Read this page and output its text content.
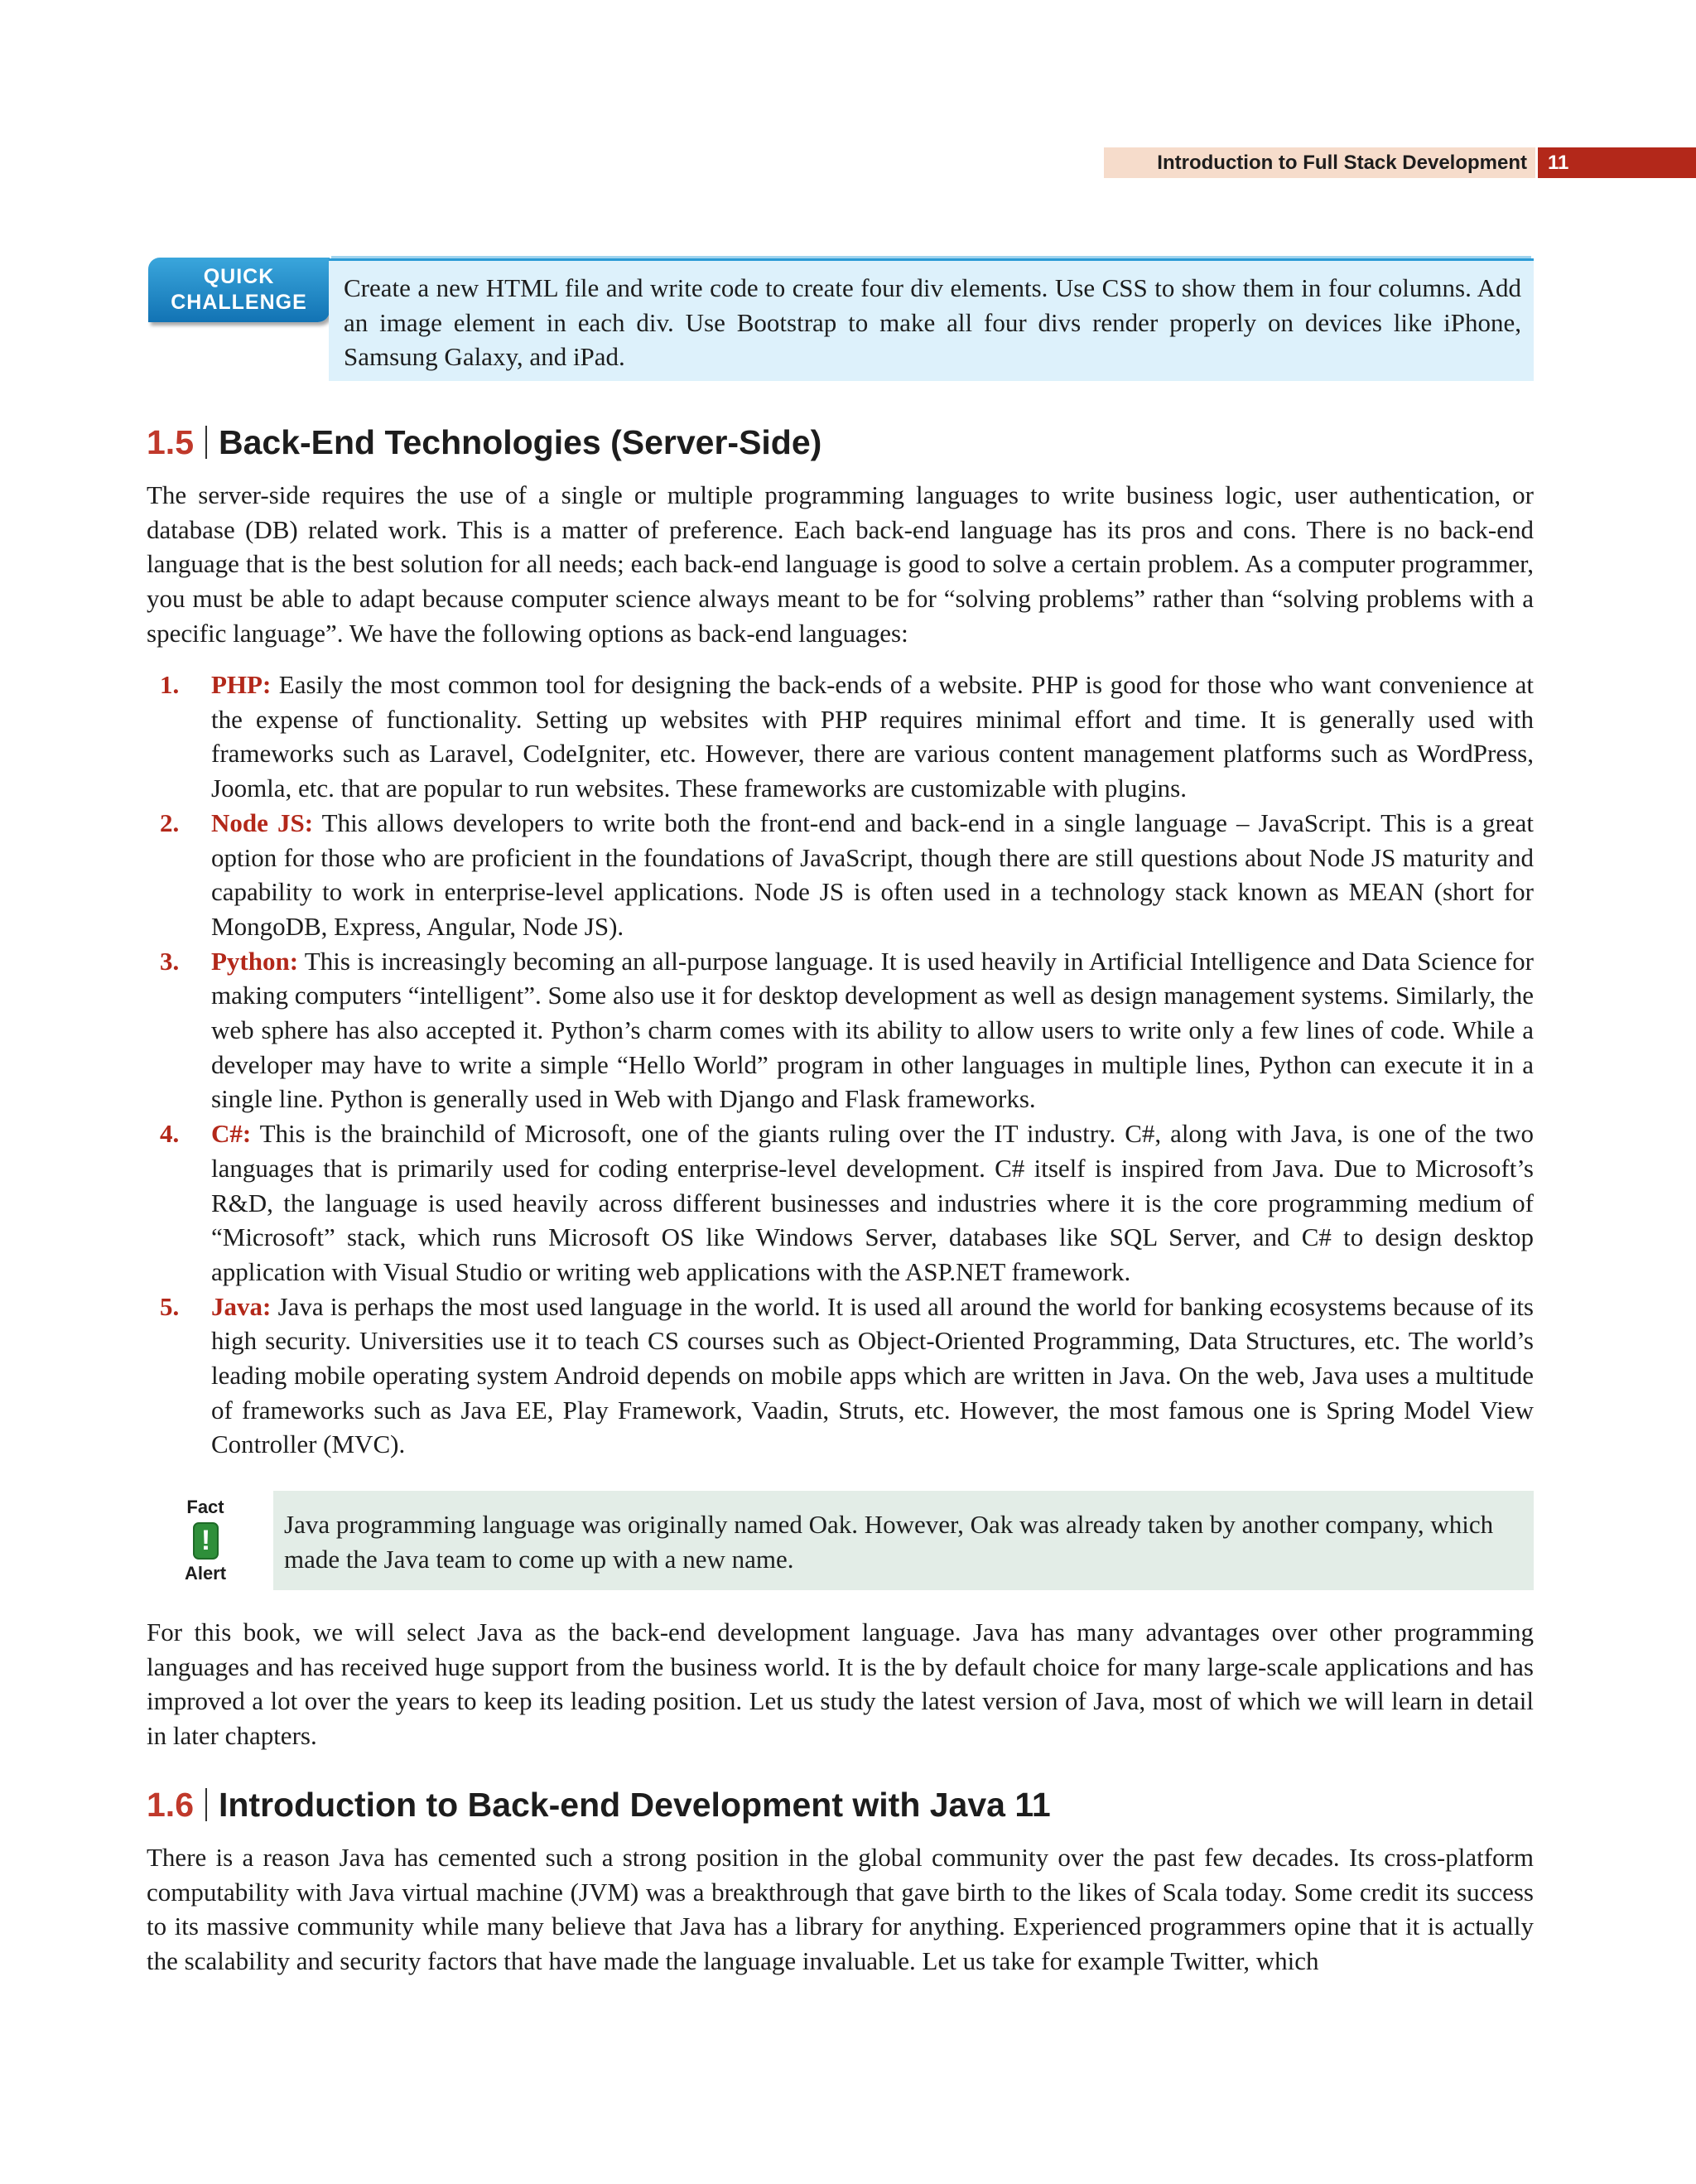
Introduction to Full Stack Development	11
QUICK
CHALLENGE Create a new HTML file and write code to create four div elements. Use CSS to show them in four columns. Add an image element in each div. Use Bootstrap to make all four divs render properly on devices like iPhone, Samsung Galaxy, and iPad.

1.5 Back-End Technologies (Server-Side)

The server-side requires the use of a single or multiple programming languages to write business logic, user authentication, or database (DB) related work. This is a matter of preference. Each back-end language has its pros and cons. There is no back-end language that is the best solution for all needs; each back-end language is good to solve a certain problem. As a computer programmer, you must be able to adapt because computer science always meant to be for “solving problems” rather than “solving problems with a specific language”. We have the following options as back-end languages:

1. PHP: Easily the most common tool for designing the back-ends of a website. PHP is good for those who want convenience at the expense of functionality. Setting up websites with PHP requires minimal effort and time. It is generally used with frameworks such as Laravel, CodeIgniter, etc. However, there are various content management platforms such as WordPress, Joomla, etc. that are popular to run websites. These frameworks are customizable with plugins.
2. Node JS: This allows developers to write both the front-end and back-end in a single language – JavaScript. This is a great option for those who are proficient in the foundations of JavaScript, though there are still questions about Node JS maturity and capability to work in enterprise-level applications. Node JS is often used in a technology stack known as MEAN (short for MongoDB, Express, Angular, Node JS).
3. Python: This is increasingly becoming an all-purpose language. It is used heavily in Artificial Intelligence and Data Science for making computers “intelligent”. Some also use it for desktop development as well as design management systems. Similarly, the web sphere has also accepted it. Python’s charm comes with its ability to allow users to write only a few lines of code. While a developer may have to write a simple “Hello World” program in other languages in multiple lines, Python can execute it in a single line. Python is generally used in Web with Django and Flask frameworks.
4. C#: This is the brainchild of Microsoft, one of the giants ruling over the IT industry. C#, along with Java, is one of the two languages that is primarily used for coding enterprise-level development. C# itself is inspired from Java. Due to Microsoft’s R&D, the language is used heavily across different businesses and industries where it is the core programming medium of “Microsoft” stack, which runs Microsoft OS like Windows Server, databases like SQL Server, and C# to design desktop application with Visual Studio or writing web applications with the ASP.NET framework.
5. Java: Java is perhaps the most used language in the world. It is used all around the world for banking ecosystems because of its high security. Universities use it to teach CS courses such as Object-Oriented Programming, Data Structures, etc. The world’s leading mobile operating system Android depends on mobile apps which are written in Java. On the web, Java uses a multitude of frameworks such as Java EE, Play Framework, Vaadin, Struts, etc. However, the most famous one is Spring Model View Controller (MVC).
Fact
!
Alert

Java programming language was originally named Oak. However, Oak was already taken by another company, which made the Java team to come up with a new name.

For this book, we will select Java as the back-end development language. Java has many advantages over other programming languages and has received huge support from the business world. It is the by default choice for many large-scale applications and has improved a lot over the years to keep its leading position. Let us study the latest version of Java, most of which we will learn in detail in later chapters.

1.6 Introduction to Back-end Development with Java 11

There is a reason Java has cemented such a strong position in the global community over the past few decades. Its cross-platform computability with Java virtual machine (JVM) was a breakthrough that gave birth to the likes of Scala today. Some credit its success to its massive community while many believe that Java has a library for anything. Experienced programmers opine that it is actually the scalability and security factors that have made the language invaluable. Let us take for example Twitter, which
